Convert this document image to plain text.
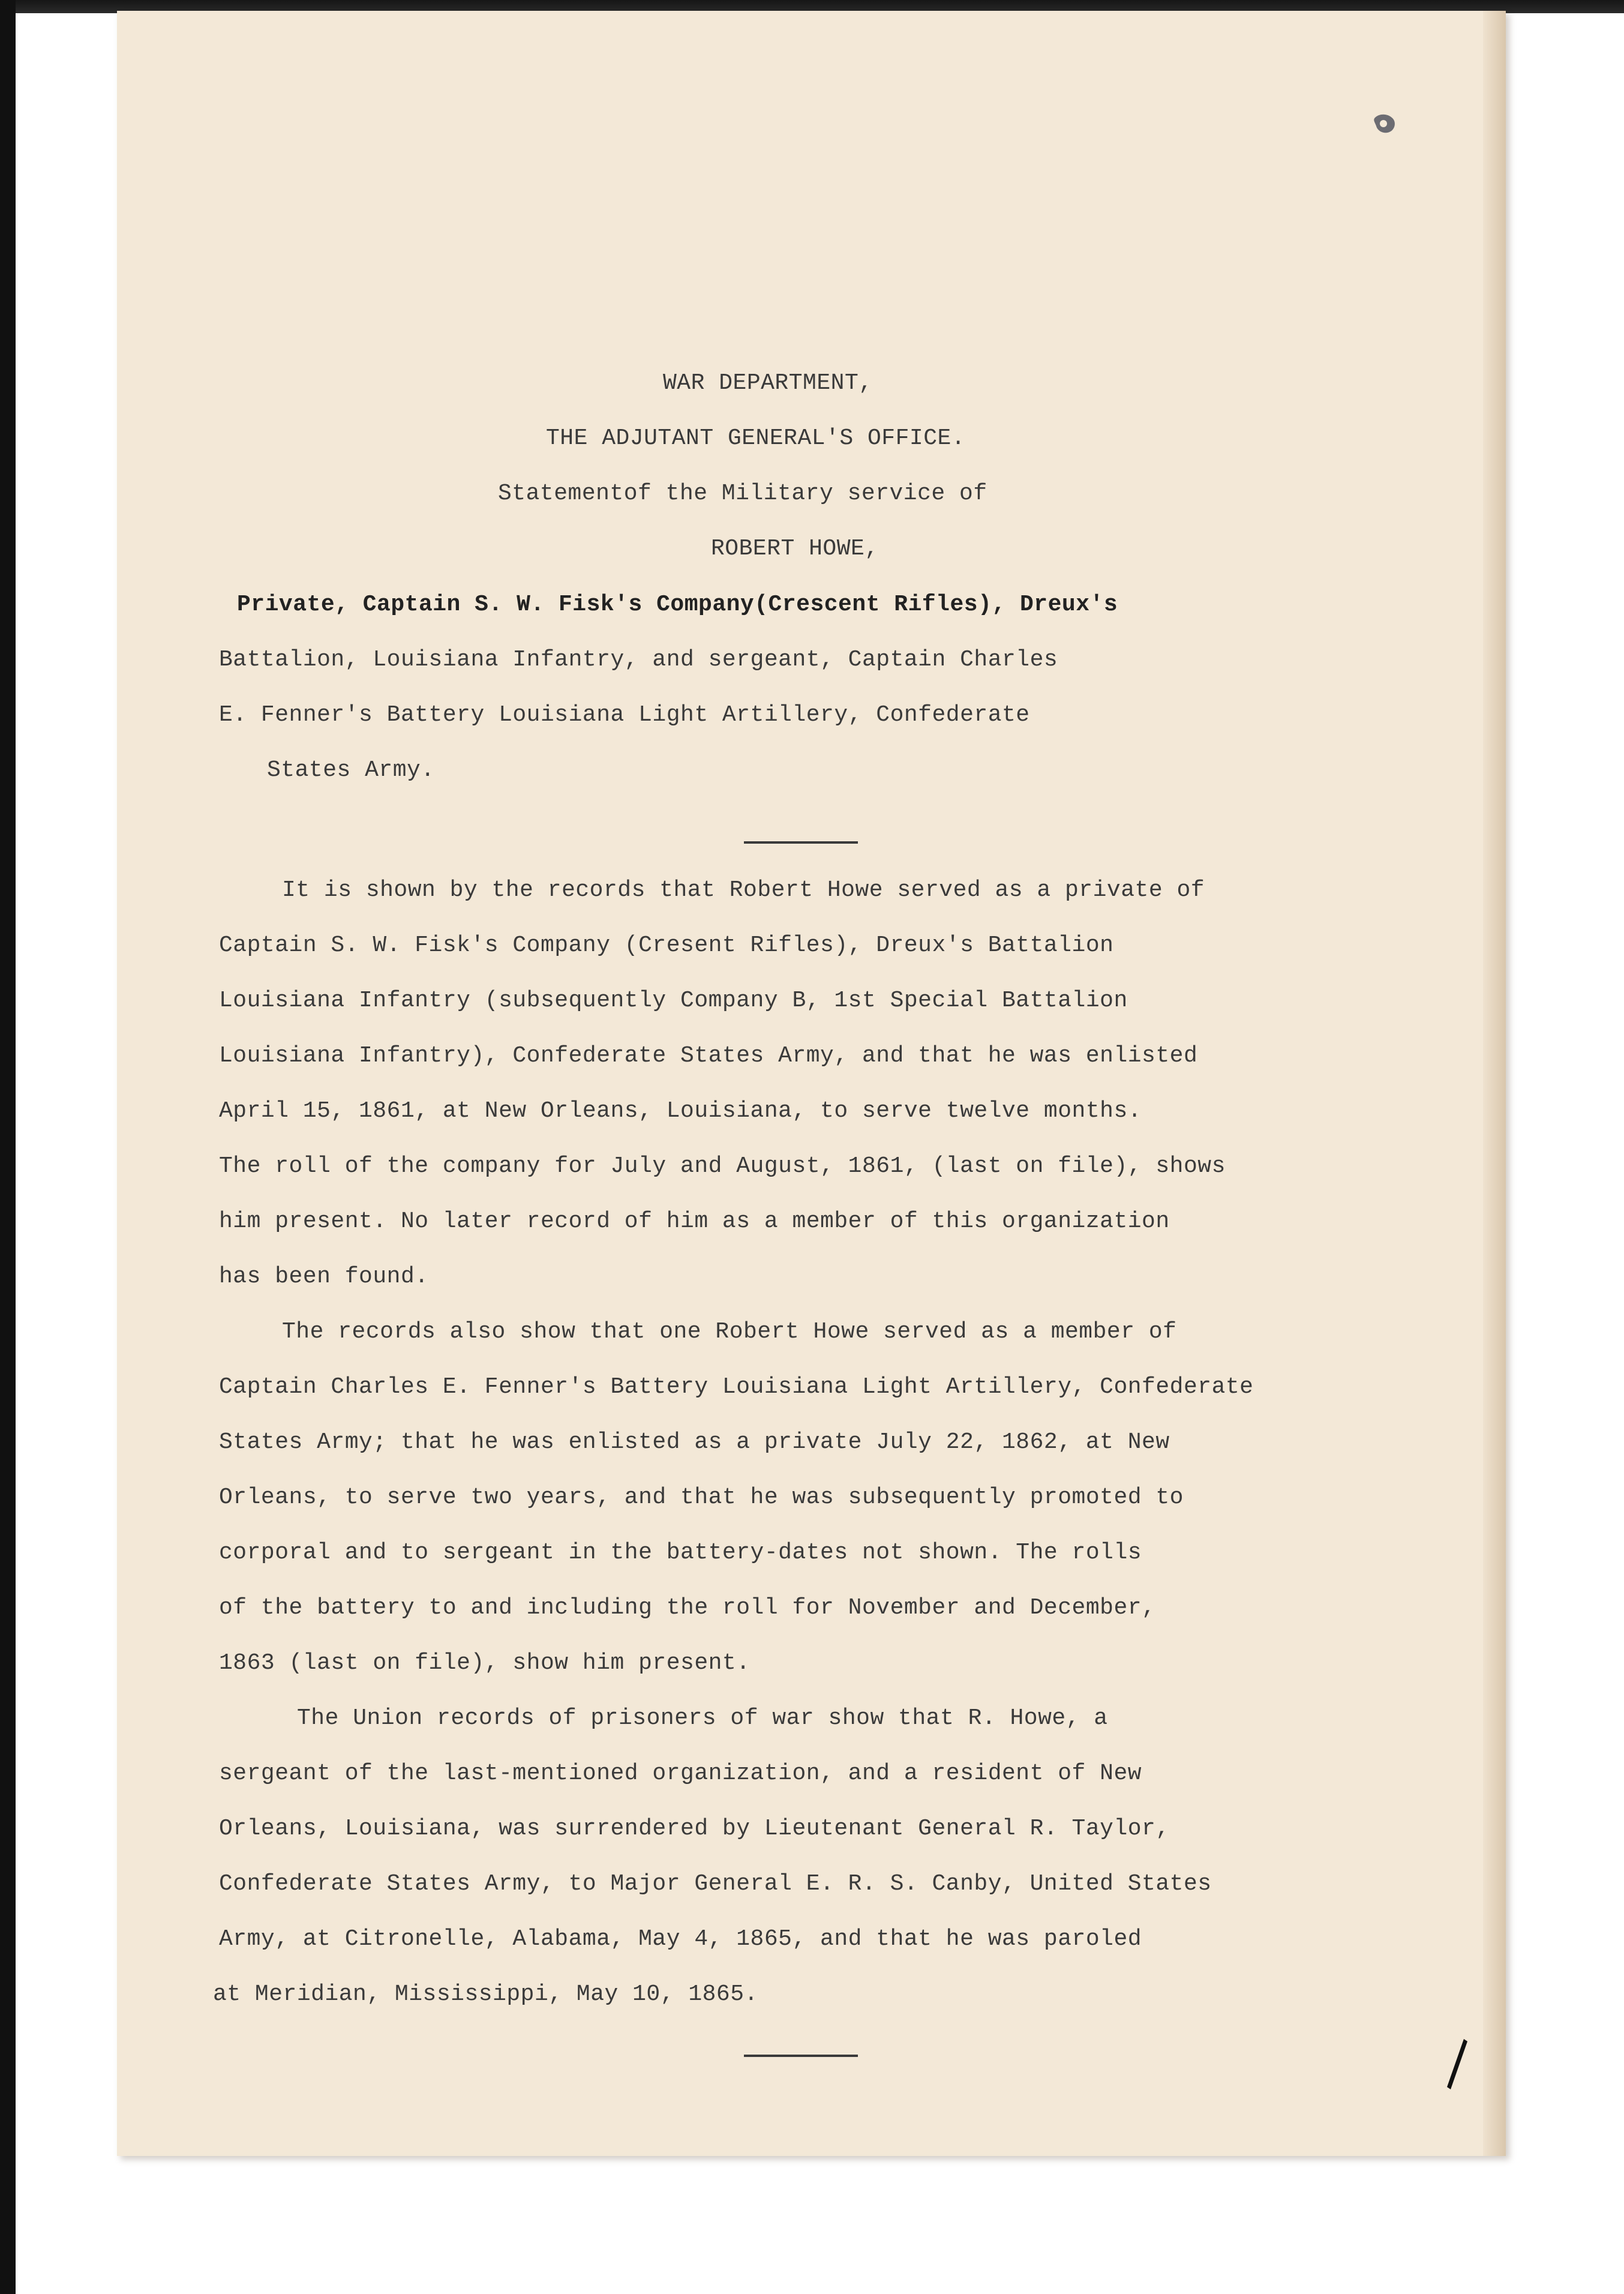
WAR DEPARTMENT,
THE ADJUTANT GENERAL'S OFFICE.
Statementof the Military service of
ROBERT HOWE,
Private, Captain S. W. Fisk's Company(Crescent Rifles), Dreux's
Battalion, Louisiana Infantry, and sergeant, Captain Charles
E. Fenner's Battery Louisiana Light Artillery, Confederate
States Army.
It is shown by the records that Robert Howe served as a private of
Captain S. W. Fisk's Company (Cresent Rifles), Dreux's Battalion
Louisiana Infantry (subsequently Company B, 1st Special Battalion
Louisiana Infantry), Confederate States Army, and that he was enlisted
April 15, 1861, at New Orleans, Louisiana, to serve twelve months.
The roll of the company for July and August, 1861, (last on file), shows
him present. No later record of him as a member of this organization
has been found.
The records also show that one Robert Howe served as a member of
Captain Charles E. Fenner's Battery Louisiana Light Artillery, Confederate
States Army; that he was enlisted as a private July 22, 1862, at New
Orleans, to serve two years, and that he was subsequently promoted to
corporal and to sergeant in the battery-dates not shown. The rolls
of the battery to and including the roll for November and December,
1863 (last on file), show him present.
The Union records of prisoners of war show that R. Howe, a
sergeant of the last-mentioned organization, and a resident of New
Orleans, Louisiana, was surrendered by Lieutenant General R. Taylor,
Confederate States Army, to Major General E. R. S. Canby, United States
Army, at Citronelle, Alabama, May 4, 1865, and that he was paroled
at Meridian, Mississippi, May 10, 1865.
